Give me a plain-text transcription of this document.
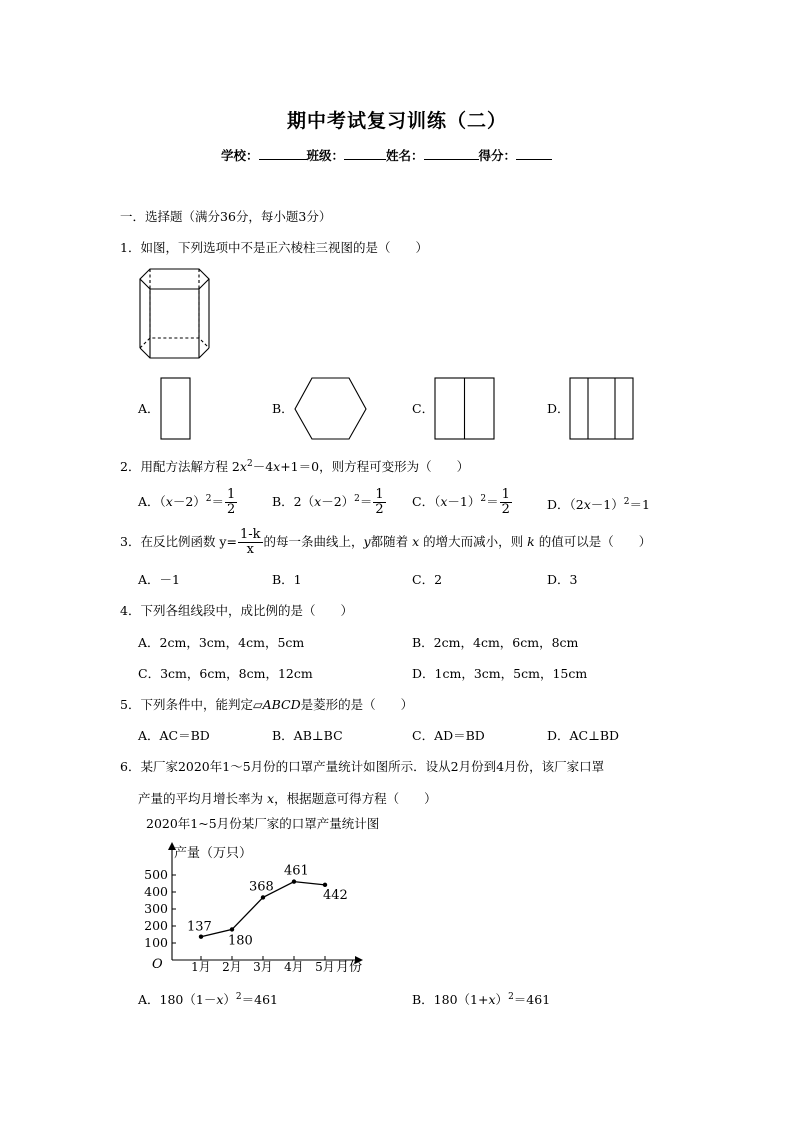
期中考试复习训练（二）
学校：	班级：	姓名：	得分：
一．选择题（满分36分，每小题3分）
1．如图，下列选项中不是正六棱柱三视图的是（　　）
A．	B．	C．	D．
2．用配方法解方程 $2x^2-4x+1=0$，则方程可变形为（　　）
A．$(x-2)^2= \frac{1}{2}$	B．$2(x-2)^2= \frac{1}{2}$ C．$(x-1)^2= \frac{1}{2}$	D．$(2x-1)^2=1$
3．在反比例函数 $y= \frac{1-k}{x}$ 的每一条曲线上，y都随着 x 的增大而减小，则 k 的值可以是（　　）
A．－1	B．1	C．2	D．3
4．下列各组线段中，成比例的是（　　）
A．2cm，3cm，4cm，5cm	B．2cm，4cm，6cm，8cm
C．3cm，6cm，8cm，12cm	D．1cm，3cm，5cm，15cm
5．下列条件中，能判定▱ABCD是菱形的是（　　）
A．AC＝BD	B．AB⊥BC	C．AD＝BD	D．AC⊥BD
6．某厂家2020年1～5月份的口罩产量统计如图所示．设从2月份到4月份，该厂家口罩
产量的平均月增长率为 x，根据题意可得方程（　　）
2020年1~5月份某厂家的口罩产量统计图
产量（万只）
月份
O
100
200
300
400
500
1月 2月 3月 4月 5月
137
180
368
461
442
A．$180(1-x)^2=461$	B．$180(1+x)^2=461$
